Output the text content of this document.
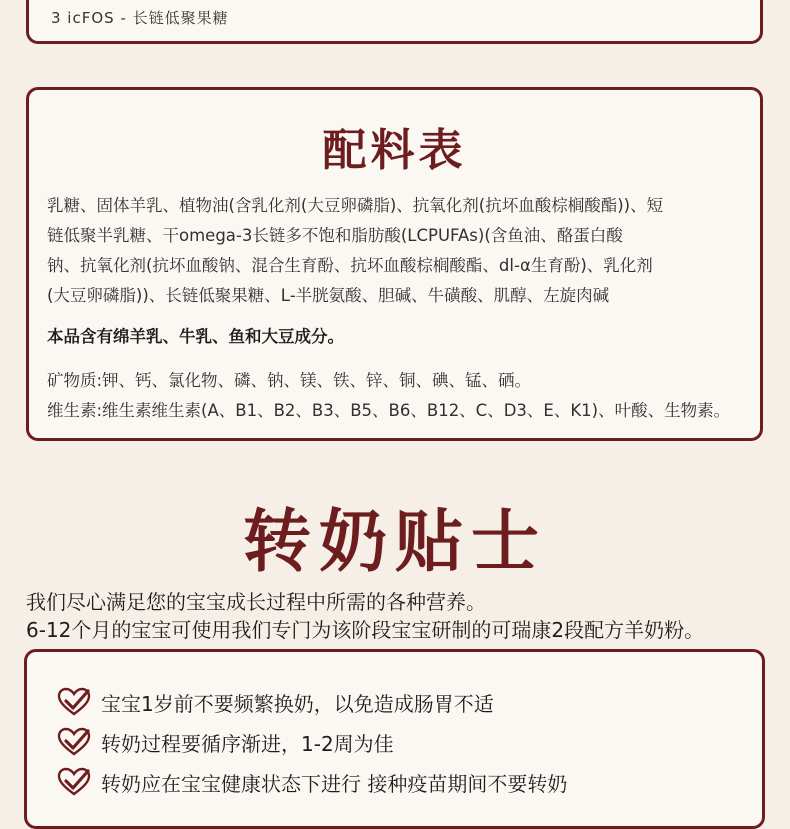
3 icFOS - 长链低聚果糖
配料表
乳糖、固体羊乳、植物油(含乳化剂(大豆卵磷脂)、抗氧化剂(抗坏血酸棕榈酸酯))、短
链低聚半乳糖、干omega-3长链多不饱和脂肪酸(LCPUFAs)(含鱼油、酪蛋白酸
钠、抗氧化剂(抗坏血酸钠、混合生育酚、抗坏血酸棕榈酸酯、dl-α生育酚)、乳化剂
(大豆卵磷脂))、长链低聚果糖、L-半胱氨酸、胆碱、牛磺酸、肌醇、左旋肉碱
本品含有绵羊乳、牛乳、鱼和大豆成分。
矿物质:钾、钙、氯化物、磷、钠、镁、铁、锌、铜、碘、锰、硒。
维生素:维生素维生素(A、B1、B2、B3、B5、B6、B12、C、D3、E、K1)、叶酸、生物素。
转奶贴士
我们尽心满足您的宝宝成长过程中所需的各种营养。
6-12个月的宝宝可使用我们专门为该阶段宝宝研制的可瑞康2段配方羊奶粉。
宝宝1岁前不要频繁换奶，以免造成肠胃不适
转奶过程要循序渐进，1-2周为佳
转奶应在宝宝健康状态下进行 接种疫苗期间不要转奶
